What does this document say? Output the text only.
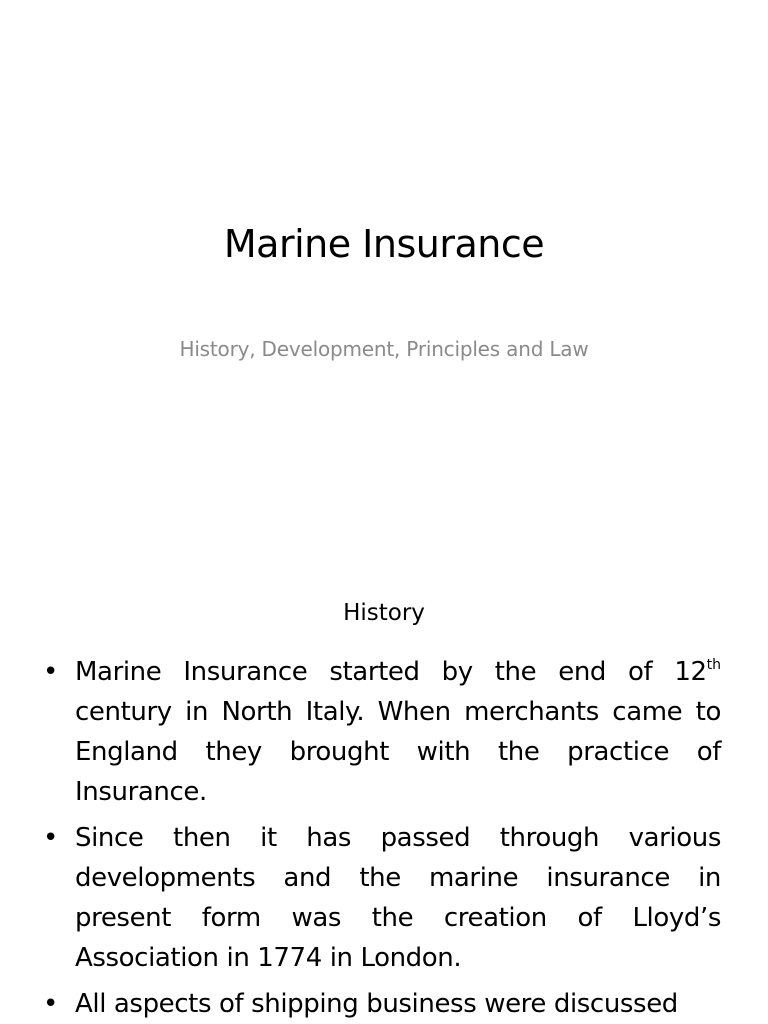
Marine Insurance
History, Development, Principles and Law
History
• Marine Insurance started by the end of 12th century in North Italy. When merchants came to England they brought with the practice of Insurance.
• Since then it has passed through various developments and the marine insurance in present form was the creation of Lloyd’s Association in 1774 in London.
• All aspects of shipping business were discussed
